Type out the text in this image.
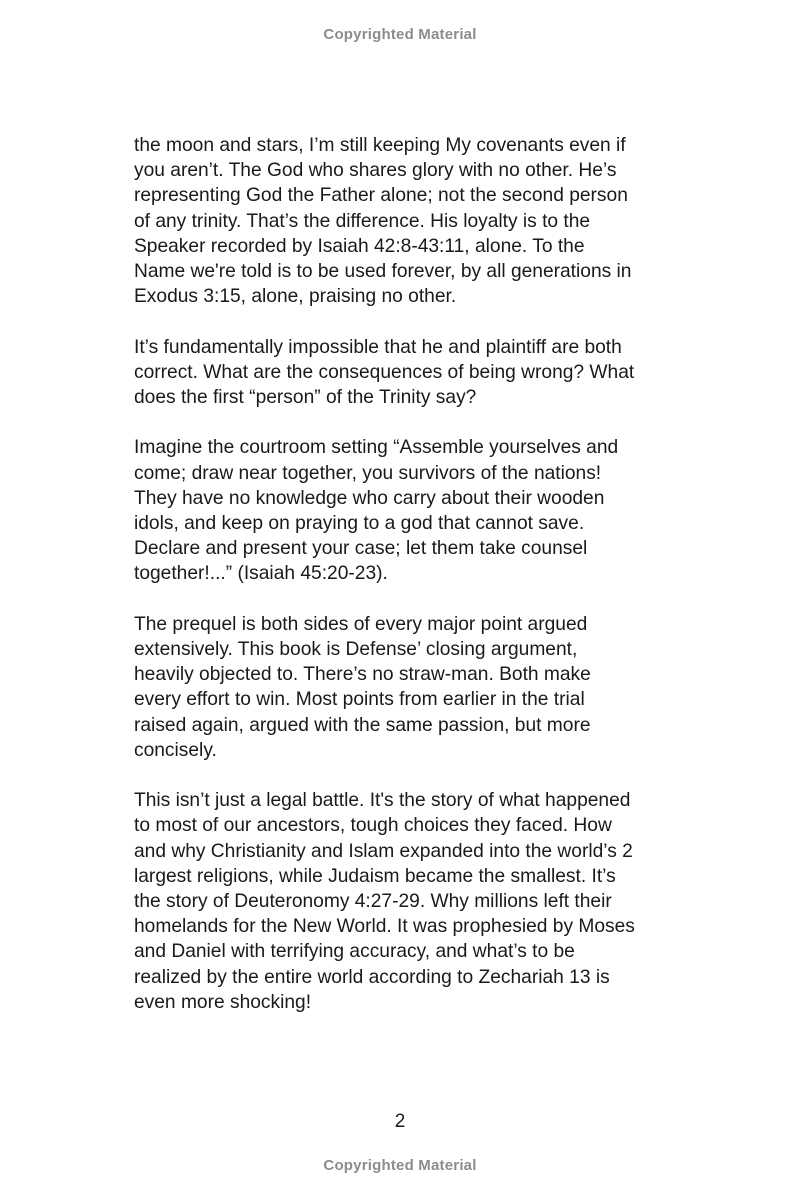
Copyrighted Material

the moon and stars, I’m still keeping My covenants even if
you aren’t. The God who shares glory with no other. He’s
representing God the Father alone; not the second person
of any trinity. That’s the difference. His loyalty is to the
Speaker recorded by Isaiah 42:8-43:11, alone. To the
Name we're told is to be used forever, by all generations in
Exodus 3:15, alone, praising no other.

It’s fundamentally impossible that he and plaintiff are both
correct. What are the consequences of being wrong? What
does the first “person” of the Trinity say?

Imagine the courtroom setting “Assemble yourselves and
come; draw near together, you survivors of the nations!
They have no knowledge who carry about their wooden
idols, and keep on praying to a god that cannot save.
Declare and present your case; let them take counsel
together!...” (Isaiah 45:20-23).

The prequel is both sides of every major point argued
extensively. This book is Defense’ closing argument,
heavily objected to. There’s no straw-man. Both make
every effort to win. Most points from earlier in the trial
raised again, argued with the same passion, but more
concisely.

This isn’t just a legal battle. It's the story of what happened
to most of our ancestors, tough choices they faced. How
and why Christianity and Islam expanded into the world’s 2
largest religions, while Judaism became the smallest. It’s
the story of Deuteronomy 4:27-29. Why millions left their
homelands for the New World. It was prophesied by Moses
and Daniel with terrifying accuracy, and what’s to be
realized by the entire world according to Zechariah 13 is
even more shocking!

2
Copyrighted Material
